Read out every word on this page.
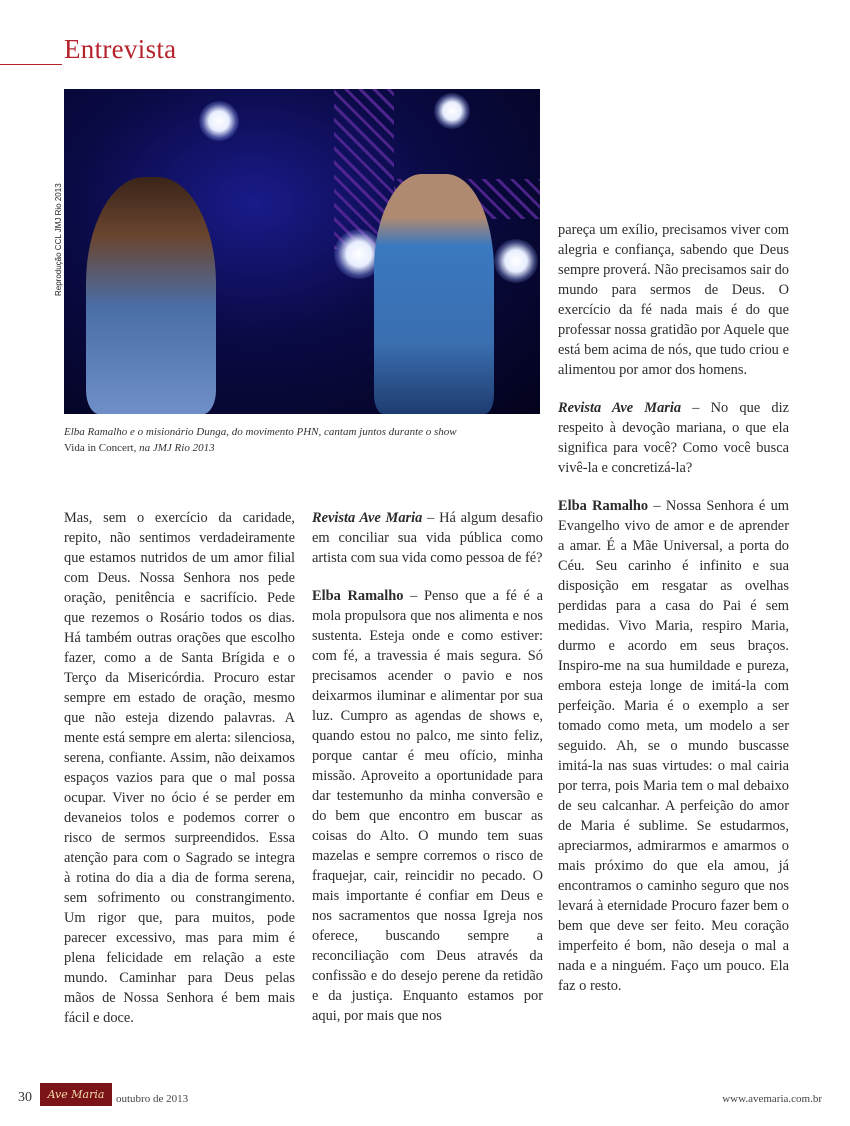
Entrevista
Reprodução CCL JMJ Rio 2013
Elba Ramalho e o misionário Dunga, do movimento PHN, cantam juntos durante o show
Vida in Concert, na JMJ Rio 2013

Mas, sem o exercício da caridade, repito, não sentimos verdadeiramente que estamos nutridos de um amor filial com Deus. Nossa Senhora nos pede oração, penitência e sacrifício. Pede que rezemos o Rosário todos os dias. Há também outras orações que escolho fazer, como a de Santa Brígida e o Terço da Misericórdia. Procuro estar sempre em estado de oração, mesmo que não esteja dizendo palavras. A mente está sempre em alerta: silenciosa, serena, confiante. Assim, não deixamos espaços vazios para que o mal possa ocupar. Viver no ócio é se perder em devaneios tolos e podemos correr o risco de sermos surpreendidos. Essa atenção para com o Sagrado se integra à rotina do dia a dia de forma serena, sem sofrimento ou constrangimento. Um rigor que, para muitos, pode parecer excessivo, mas para mim é plena felicidade em relação a este mundo. Caminhar para Deus pelas mãos de Nossa Senhora é bem mais fácil e doce.

Revista Ave Maria – Há algum desafio em conciliar sua vida pública como artista com sua vida como pessoa de fé?

Elba Ramalho – Penso que a fé é a mola propulsora que nos alimenta e nos sustenta. Esteja onde e como estiver: com fé, a travessia é mais segura. Só precisamos acender o pavio e nos deixarmos iluminar e alimentar por sua luz. Cumpro as agendas de shows e, quando estou no palco, me sinto feliz, porque cantar é meu ofício, minha missão. Aproveito a oportunidade para dar testemunho da minha conversão e do bem que encontro em buscar as coisas do Alto. O mundo tem suas mazelas e sempre corremos o risco de fraquejar, cair, reincidir no pecado. O mais importante é confiar em Deus e nos sacramentos que nossa Igreja nos oferece, buscando sempre a reconciliação com Deus através da confissão e do desejo perene da retidão e da justiça. Enquanto estamos por aqui, por mais que nos

pareça um exílio, precisamos viver com alegria e confiança, sabendo que Deus sempre proverá. Não precisamos sair do mundo para sermos de Deus. O exercício da fé nada mais é do que professar nossa gratidão por Aquele que está bem acima de nós, que tudo criou e alimentou por amor dos homens.

Revista Ave Maria – No que diz respeito à devoção mariana, o que ela significa para você? Como você busca vivê-la e concretizá-la?

Elba Ramalho – Nossa Senhora é um Evangelho vivo de amor e de aprender a amar. É a Mãe Universal, a porta do Céu. Seu carinho é infinito e sua disposição em resgatar as ovelhas perdidas para a casa do Pai é sem medidas. Vivo Maria, respiro Maria, durmo e acordo em seus braços. Inspiro-me na sua humildade e pureza, embora esteja longe de imitá-la com perfeição. Maria é o exemplo a ser tomado como meta, um modelo a ser seguido. Ah, se o mundo buscasse imitá-la nas suas virtudes: o mal cairia por terra, pois Maria tem o mal debaixo de seu calcanhar. A perfeição do amor de Maria é sublime. Se estudarmos, apreciarmos, admirarmos e amarmos o mais próximo do que ela amou, já encontramos o caminho seguro que nos levará à eternidade Procuro fazer bem o bem que deve ser feito. Meu coração imperfeito é bom, não deseja o mal a nada e a ninguém. Faço um pouco. Ela faz o resto.

30	Ave Maria	outubro de 2013	www.avemaria.com.br
